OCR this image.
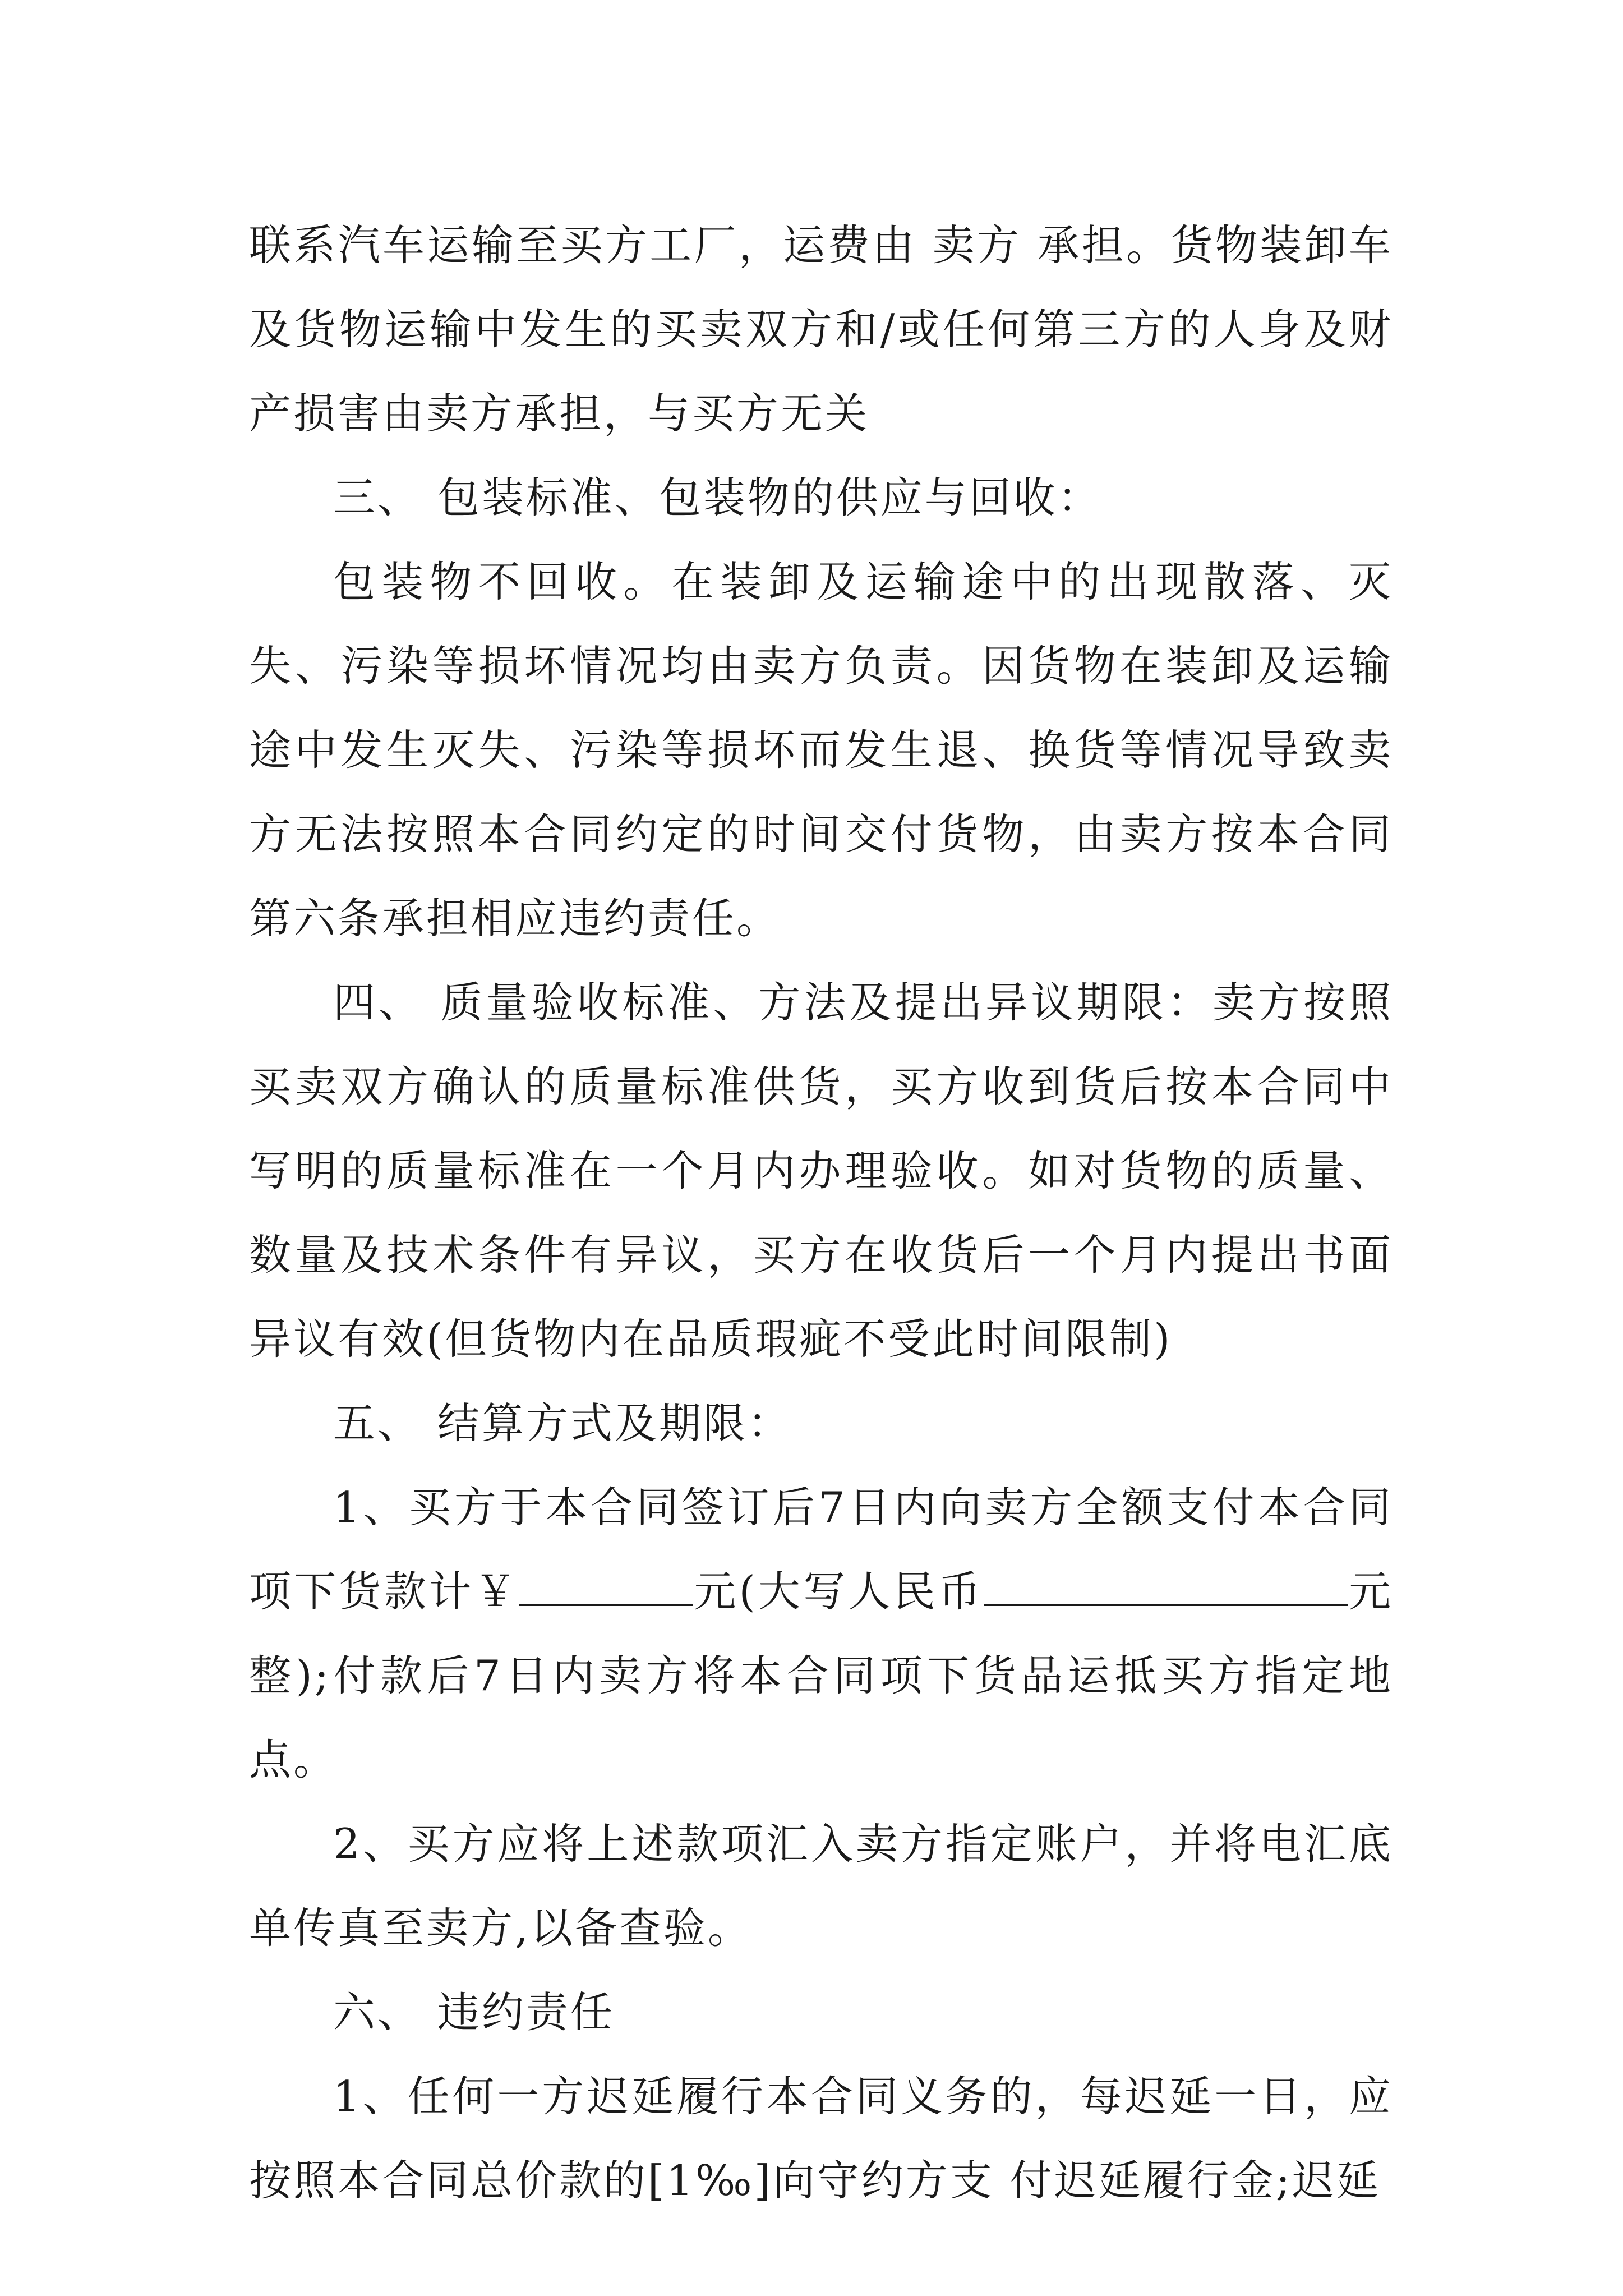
联系汽车运输至买方工厂，运费由 卖方 承担。货物装卸车及货物运输中发生的买卖双方和/或任何第三方的人身及财产损害由卖方承担，与买方无关

三、 包装标准、包装物的供应与回收：

包装物不回收。在装卸及运输途中的出现散落、灭失、污染等损坏情况均由卖方负责。因货物在装卸及运输途中发生灭失、污染等损坏而发生退、换货等情况导致卖方无法按照本合同约定的时间交付货物，由卖方按本合同第六条承担相应违约责任。

四、 质量验收标准、方法及提出异议期限：卖方按照买卖双方确认的质量标准供货，买方收到货后按本合同中写明的质量标准在一个月内办理验收。如对货物的质量、数量及技术条件有异议，买方在收货后一个月内提出书面异议有效(但货物内在品质瑕疵不受此时间限制)

五、 结算方式及期限：

1、买方于本合同签订后7日内向卖方全额支付本合同项下货款计￥	元(大写人民币	元整);付款后7日内卖方将本合同项下货品运抵买方指定地点。

2、买方应将上述款项汇入卖方指定账户，并将电汇底单传真至卖方,以备查验。

六、 违约责任

1、任何一方迟延履行本合同义务的，每迟延一日，应按照本合同总价款的[1‰]向守约方支 付迟延履行金;迟延
